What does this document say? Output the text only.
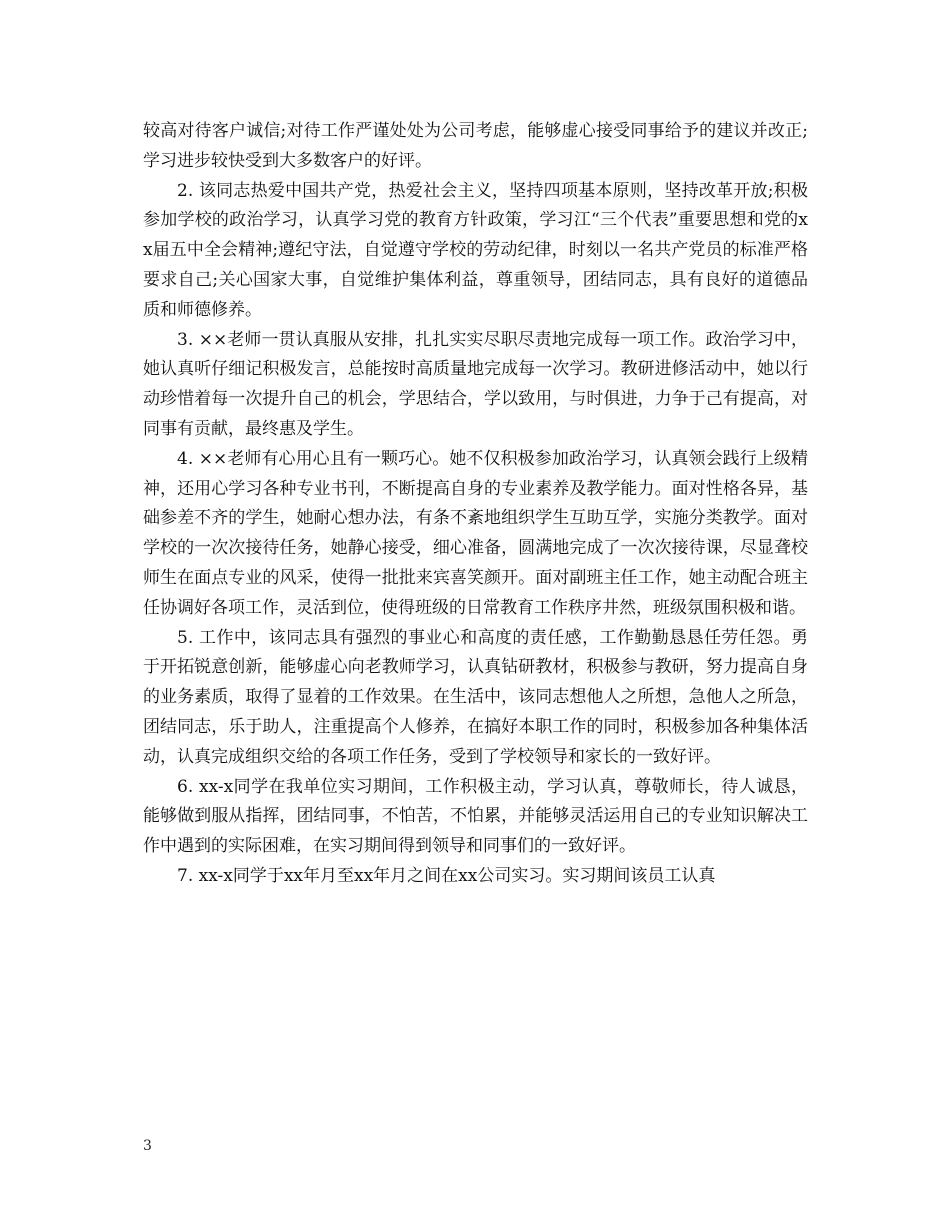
较高对待客户诚信;对待工作严谨处处为公司考虑，能够虚心接受同事给予的建议并改正;学习进步较快受到大多数客户的好评。

2. 该同志热爱中国共产党，热爱社会主义，坚持四项基本原则，坚持改革开放;积极参加学校的政治学习，认真学习党的教育方针政策，学习江“三个代表”重要思想和党的xx届五中全会精神;遵纪守法，自觉遵守学校的劳动纪律，时刻以一名共产党员的标准严格要求自己;关心国家大事，自觉维护集体利益，尊重领导，团结同志，具有良好的道德品质和师德修养。

3. ××老师一贯认真服从安排，扎扎实实尽职尽责地完成每一项工作。政治学习中，她认真听仔细记积极发言，总能按时高质量地完成每一次学习。教研进修活动中，她以行动珍惜着每一次提升自己的机会，学思结合，学以致用，与时俱进，力争于己有提高，对同事有贡献，最终惠及学生。

4. ××老师有心用心且有一颗巧心。她不仅积极参加政治学习，认真领会践行上级精神，还用心学习各种专业书刊，不断提高自身的专业素养及教学能力。面对性格各异，基础参差不齐的学生，她耐心想办法，有条不紊地组织学生互助互学，实施分类教学。面对学校的一次次接待任务，她静心接受，细心准备，圆满地完成了一次次接待课，尽显聋校师生在面点专业的风采，使得一批批来宾喜笑颜开。面对副班主任工作，她主动配合班主任协调好各项工作，灵活到位，使得班级的日常教育工作秩序井然，班级氛围积极和谐。

5. 工作中，该同志具有强烈的事业心和高度的责任感，工作勤勤恳恳任劳任怨。勇于开拓锐意创新，能够虚心向老教师学习，认真钻研教材，积极参与教研，努力提高自身的业务素质，取得了显着的工作效果。在生活中，该同志想他人之所想，急他人之所急，团结同志，乐于助人，注重提高个人修养，在搞好本职工作的同时，积极参加各种集体活动，认真完成组织交给的各项工作任务，受到了学校领导和家长的一致好评。

6. xx-x同学在我单位实习期间，工作积极主动，学习认真，尊敬师长，待人诚恳，能够做到服从指挥，团结同事，不怕苦，不怕累，并能够灵活运用自己的专业知识解决工作中遇到的实际困难，在实习期间得到领导和同事们的一致好评。

7. xx-x同学于xx年月至xx年月之间在xx公司实习。实习期间该员工认真

3
